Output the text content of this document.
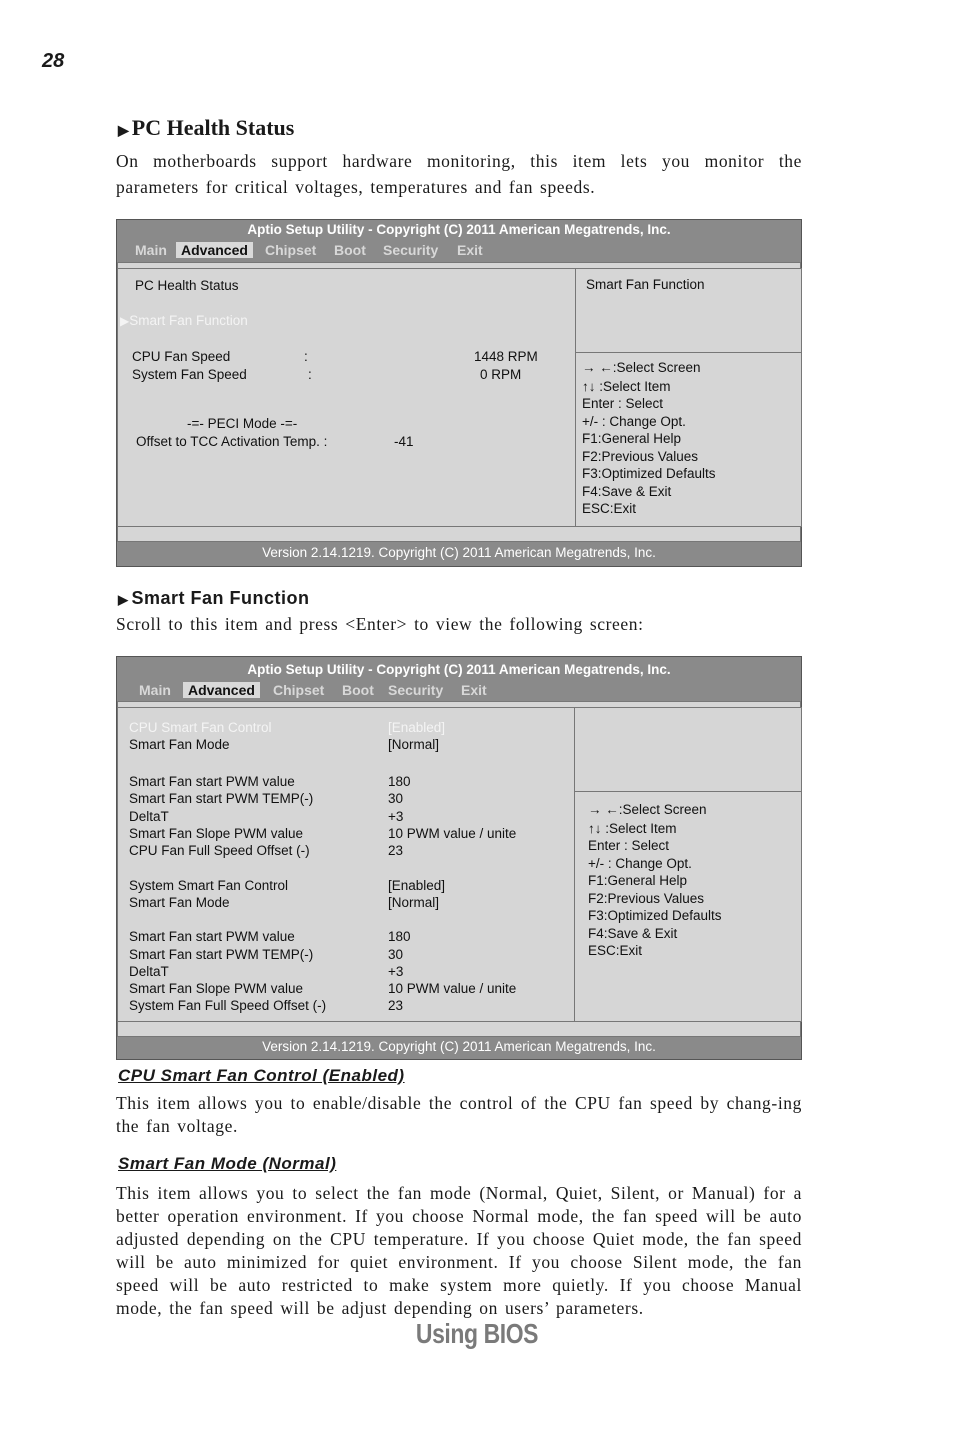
28
▶ PC Health Status
On motherboards support hardware monitoring, this item lets you monitor the parameters for critical voltages, temperatures and fan speeds.
Aptio Setup Utility - Copyright (C) 2011 American Megatrends, Inc.
Main	Advanced	Chipset Boot Security Exit
PC Health Status
▶Smart Fan Function
CPU Fan Speed	:	1448 RPM
System Fan Speed	:	0 RPM
-=- PECI Mode -=-
Offset to TCC Activation Temp. :	-41
Smart Fan Function
→ ←:Select Screen
↑↓ :Select Item
Enter : Select
+/- : Change Opt.
F1:General Help
F2:Previous Values
F3:Optimized Defaults
F4:Save & Exit
ESC:Exit
Version 2.14.1219. Copyright (C) 2011 American Megatrends, Inc.
▶ Smart Fan Function
Scroll to this item and press <Enter> to view the following screen:
Aptio Setup Utility - Copyright (C) 2011 American Megatrends, Inc.
Main	Advanced	Chipset Boot Security Exit
CPU Smart Fan Control	[Enabled]
Smart Fan Mode	[Normal]
Smart Fan start PWM value	180
Smart Fan start PWM TEMP(-)	30
DeltaT	+3
Smart Fan Slope PWM value	10 PWM value / unite
CPU Fan Full Speed Offset (-)	23
System Smart Fan Control	[Enabled]
Smart Fan Mode	[Normal]
Smart Fan start PWM value	180
Smart Fan start PWM TEMP(-)	30
DeltaT	+3
Smart Fan Slope PWM value	10 PWM value / unite
System Fan Full Speed Offset (-)	23
→ ←:Select Screen
↑↓ :Select Item
Enter : Select
+/- : Change Opt.
F1:General Help
F2:Previous Values
F3:Optimized Defaults
F4:Save & Exit
ESC:Exit
Version 2.14.1219. Copyright (C) 2011 American Megatrends, Inc.
CPU Smart Fan Control (Enabled)
This item allows you to enable/disable the control of the CPU fan speed by chang-ing the fan voltage.
Smart Fan Mode (Normal)
This item allows you to select the fan mode (Normal, Quiet, Silent, or Manual) for a better operation environment. If you choose Normal mode, the fan speed will be auto adjusted depending on the CPU temperature. If you choose Quiet mode, the fan speed will be auto minimized for quiet environment. If you choose Silent mode, the fan speed will be auto restricted to make system more quietly. If you choose Manual mode, the fan speed will be adjust depending on users’ parameters.
Using BIOS
